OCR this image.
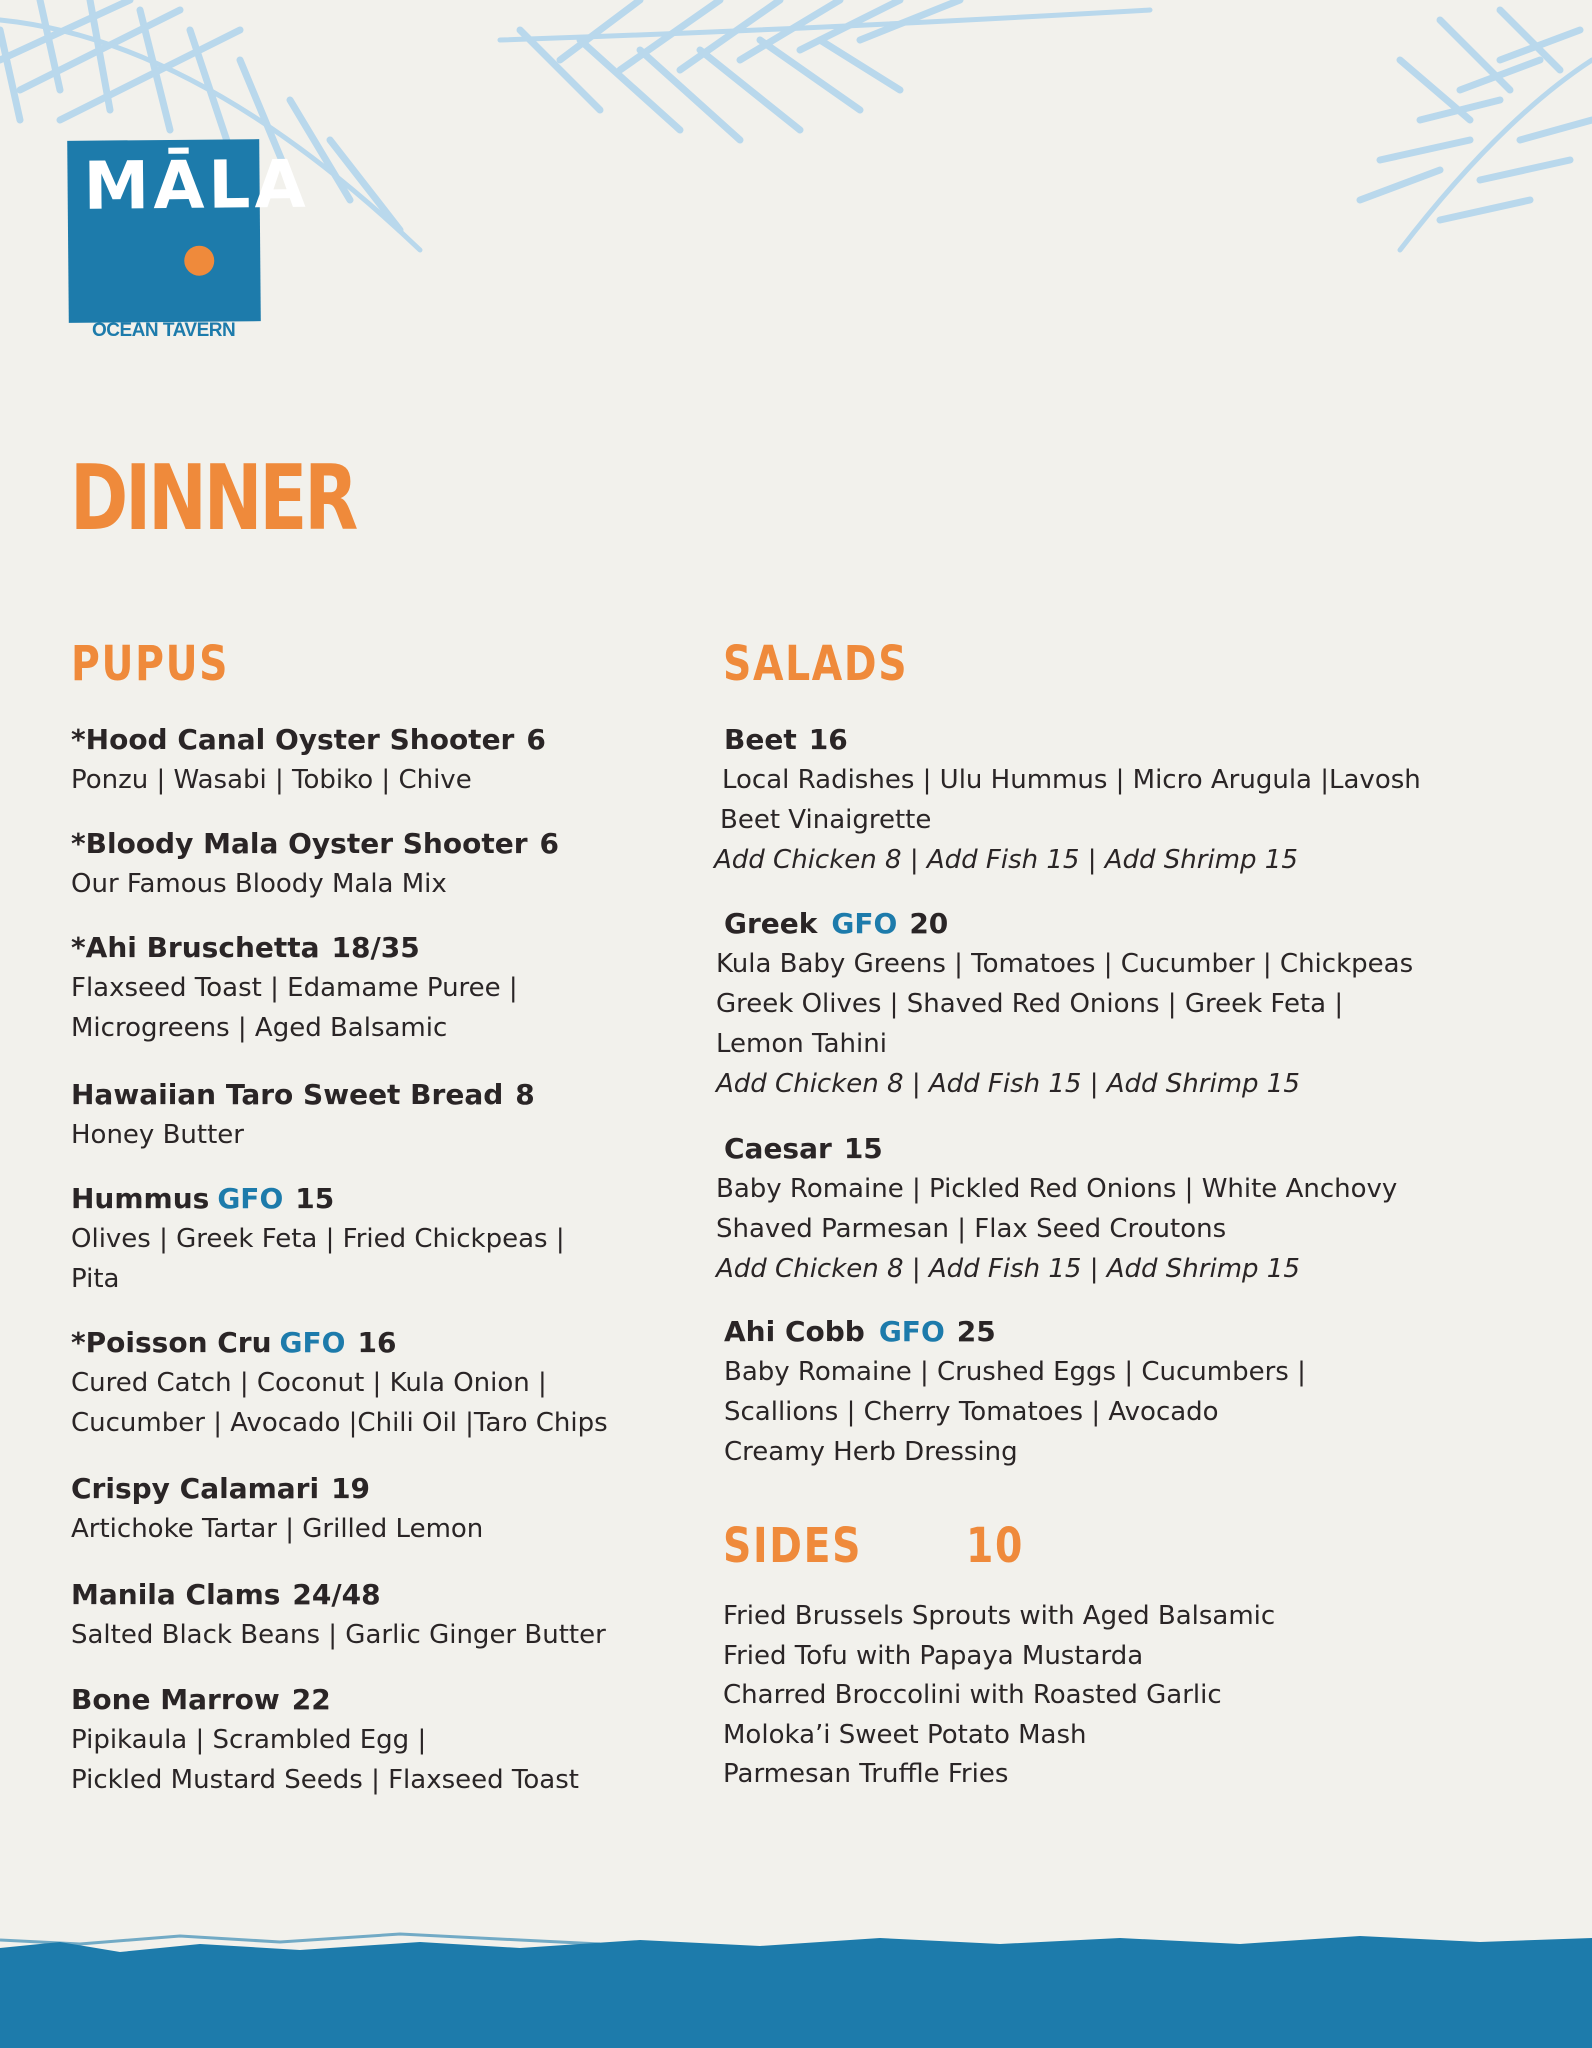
MĀLA
OCEAN TAVERN
DINNER
PUPUS
*Hood Canal Oyster Shooter 6
Ponzu | Wasabi | Tobiko | Chive
*Bloody Mala Oyster Shooter 6
Our Famous Bloody Mala Mix
*Ahi Bruschetta 18/35
Flaxseed Toast | Edamame Puree |
Microgreens | Aged Balsamic
Hawaiian Taro Sweet Bread 8
Honey Butter
Hummus GFO 15
Olives | Greek Feta | Fried Chickpeas |
Pita
*Poisson Cru GFO 16
Cured Catch | Coconut | Kula Onion |
Cucumber | Avocado |Chili Oil |Taro Chips
Crispy Calamari 19
Artichoke Tartar | Grilled Lemon
Manila Clams 24/48
Salted Black Beans | Garlic Ginger Butter
Bone Marrow 22
Pipikaula | Scrambled Egg |
Pickled Mustard Seeds | Flaxseed Toast
SALADS
Beet 16
Local Radishes | Ulu Hummus | Micro Arugula |Lavosh
Beet Vinaigrette
Add Chicken 8 | Add Fish 15 | Add Shrimp 15
Greek GFO 20
Kula Baby Greens | Tomatoes | Cucumber | Chickpeas
Greek Olives | Shaved Red Onions | Greek Feta |
Lemon Tahini
Add Chicken 8 | Add Fish 15 | Add Shrimp 15
Caesar 15
Baby Romaine | Pickled Red Onions | White Anchovy
Shaved Parmesan | Flax Seed Croutons
Add Chicken 8 | Add Fish 15 | Add Shrimp 15
Ahi Cobb GFO 25
Baby Romaine | Crushed Eggs | Cucumbers |
Scallions | Cherry Tomatoes | Avocado
Creamy Herb Dressing
SIDES 10
Fried Brussels Sprouts with Aged Balsamic
Fried Tofu with Papaya Mustarda
Charred Broccolini with Roasted Garlic
Moloka’i Sweet Potato Mash
Parmesan Truffle Fries
